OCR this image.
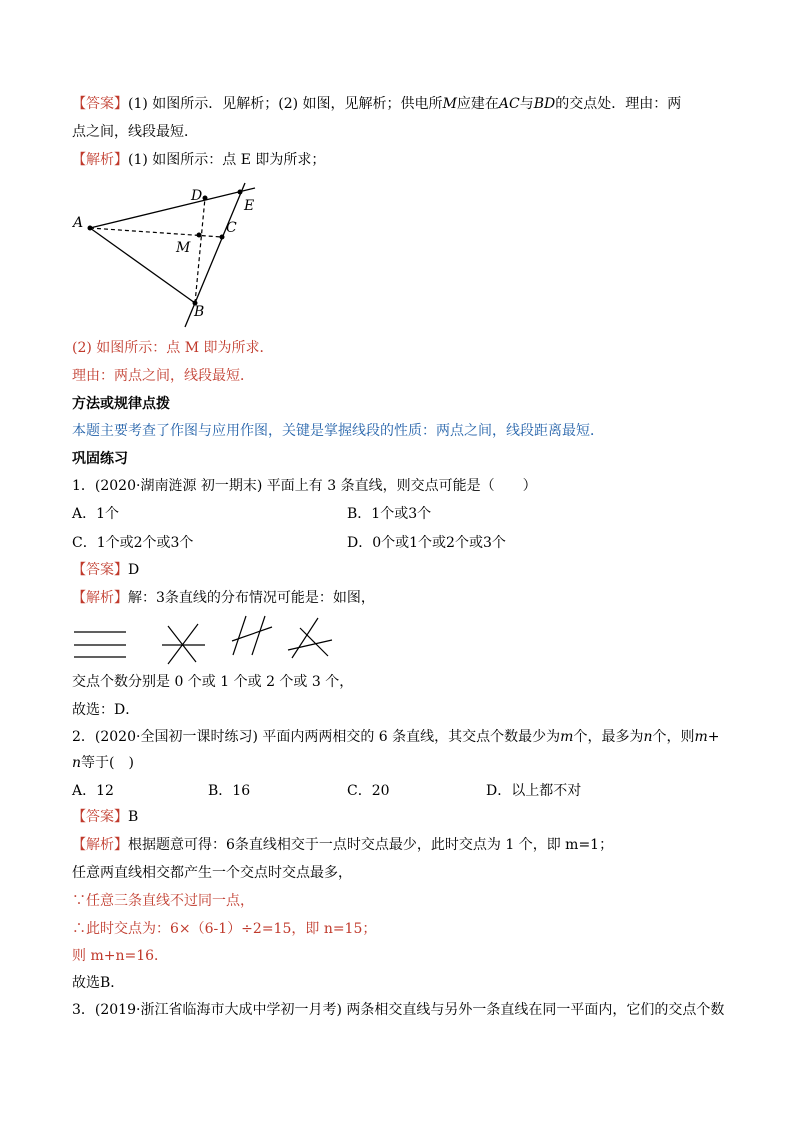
【答案】(1) 如图所示．见解析；(2) 如图，见解析；供电所M应建在AC与BD的交点处．理由：两
点之间，线段最短．
【解析】(1) 如图所示：点 E 即为所求；
A
B
C
D
E
M
(2) 如图所示：点 M 即为所求．
理由：两点之间，线段最短．
方法或规律点拨
本题主要考查了作图与应用作图，关键是掌握线段的性质：两点之间，线段距离最短．
巩固练习
1．(2020·湖南涟源 初一期末) 平面上有 3 条直线，则交点可能是（　　）
A．1个	B．1个或3个
C．1个或2个或3个	D．0个或1个或2个或3个
【答案】D
【解析】解：3条直线的分布情况可能是：如图，
交点个数分别是 0 个或 1 个或 2 个或 3 个，
故选：D．
2．(2020·全国初一课时练习) 平面内两两相交的 6 条直线，其交点个数最少为m个，最多为n个，则m+
n等于(　)
A．12	B．16	C．20	D．以上都不对
【答案】B
【解析】根据题意可得：6条直线相交于一点时交点最少，此时交点为 1 个，即 m=1；
任意两直线相交都产生一个交点时交点最多，
∵任意三条直线不过同一点，
∴此时交点为：6×（6-1）÷2=15，即 n=15；
则 m+n=16．
故选B．
3．(2019·浙江省临海市大成中学初一月考) 两条相交直线与另外一条直线在同一平面内，它们的交点个数
